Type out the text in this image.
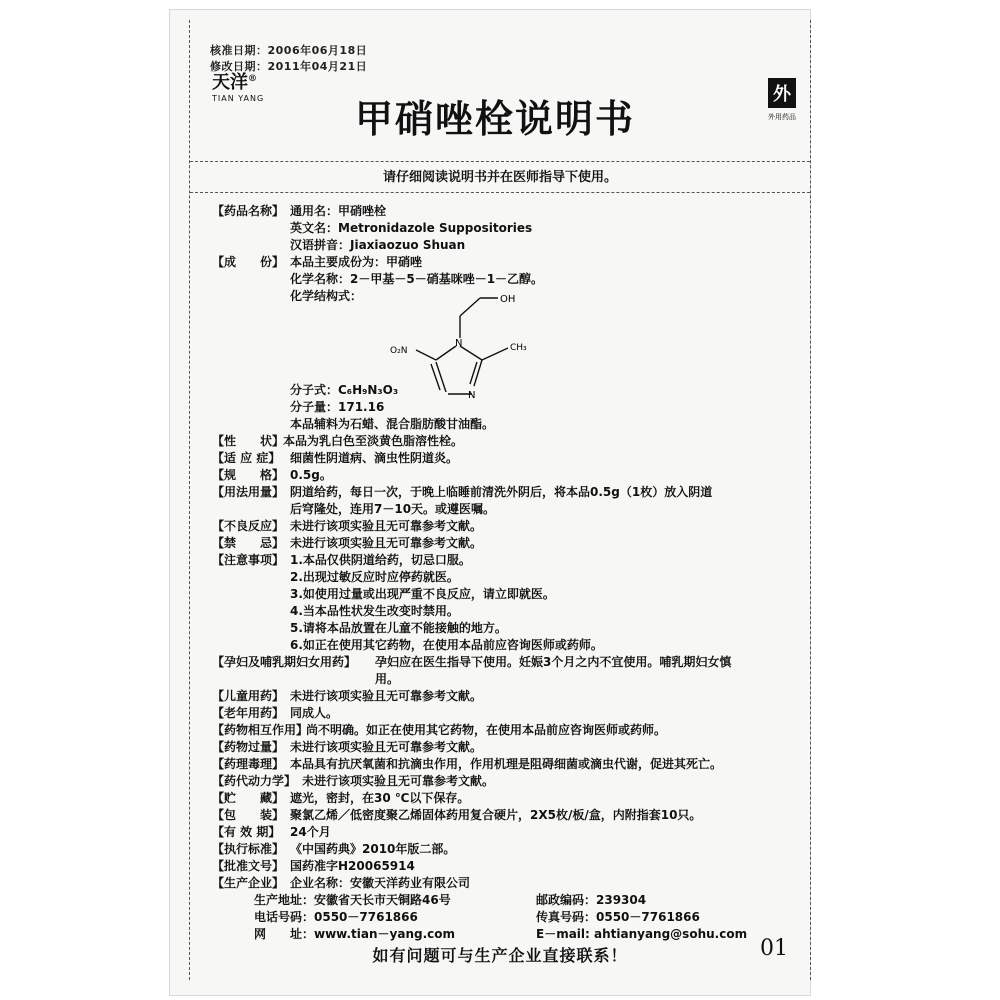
核准日期：2006年06月18日
修改日期：2011年04月21日
天洋®
TIAN YANG	甲硝唑栓说明书
外
外用药品
请仔细阅读说明书并在医师指导下使用。
【药品名称】 通用名：甲硝唑栓
英文名：Metronidazole Suppositories
汉语拼音：Jiaxiaozuo Shuan
【成　　份】 本品主要成份为：甲硝唑
化学名称：2－甲基－5－硝基咪唑－1－乙醇。
化学结构式：	OH
N
N
O₂N	CH₃
分子式：C₆H₉N₃O₃
分子量：171.16
本品辅料为石蜡、混合脂肪酸甘油酯。
【性　　状】
本品为乳白色至淡黄色脂溶性栓。
【适 应 症】 细菌性阴道病、滴虫性阴道炎。
【规　　格】 0.5g。
【用法用量】 阴道给药，每日一次，于晚上临睡前清洗外阴后，将本品0.5g（1枚）放入阴道
后穹隆处，连用7－10天。或遵医嘱。
【不良反应】 未进行该项实验且无可靠参考文献。
【禁　　忌】 未进行该项实验且无可靠参考文献。
【注意事项】 1.本品仅供阴道给药，切忌口服。
2.出现过敏反应时应停药就医。
3.如使用过量或出现严重不良反应，请立即就医。
4.当本品性状发生改变时禁用。
5.请将本品放置在儿童不能接触的地方。
6.如正在使用其它药物，在使用本品前应咨询医师或药师。
【孕妇及哺乳期妇女用药】 孕妇应在医生指导下使用。妊娠3个月之内不宜使用。哺乳期妇女慎
用。
【儿童用药】 未进行该项实验且无可靠参考文献。
【老年用药】 同成人。
【药物相互作用】
尚不明确。如正在使用其它药物，在使用本品前应咨询医师或药师。
【药物过量】 未进行该项实验且无可靠参考文献。
【药理毒理】 本品具有抗厌氧菌和抗滴虫作用，作用机理是阻碍细菌或滴虫代谢，促进其死亡。
【药代动力学】 未进行该项实验且无可靠参考文献。
【贮　　藏】 遮光，密封，在30 ℃以下保存。
【包　　装】 聚氯乙烯／低密度聚乙烯固体药用复合硬片，2X5枚/板/盒，内附指套10只。
【有 效 期】 24个月
【执行标准】 《中国药典》2010年版二部。
【批准文号】 国药准字H20065914
【生产企业】 企业名称：安徽天洋药业有限公司
生产地址：安徽省天长市天铜路46号	邮政编码：239304
电话号码：0550－7761866	传真号码：0550－7761866
网　　址：www.tian－yang.com	E－mail: ahtianyang@sohu.com
如有问题可与生产企业直接联系！	01
